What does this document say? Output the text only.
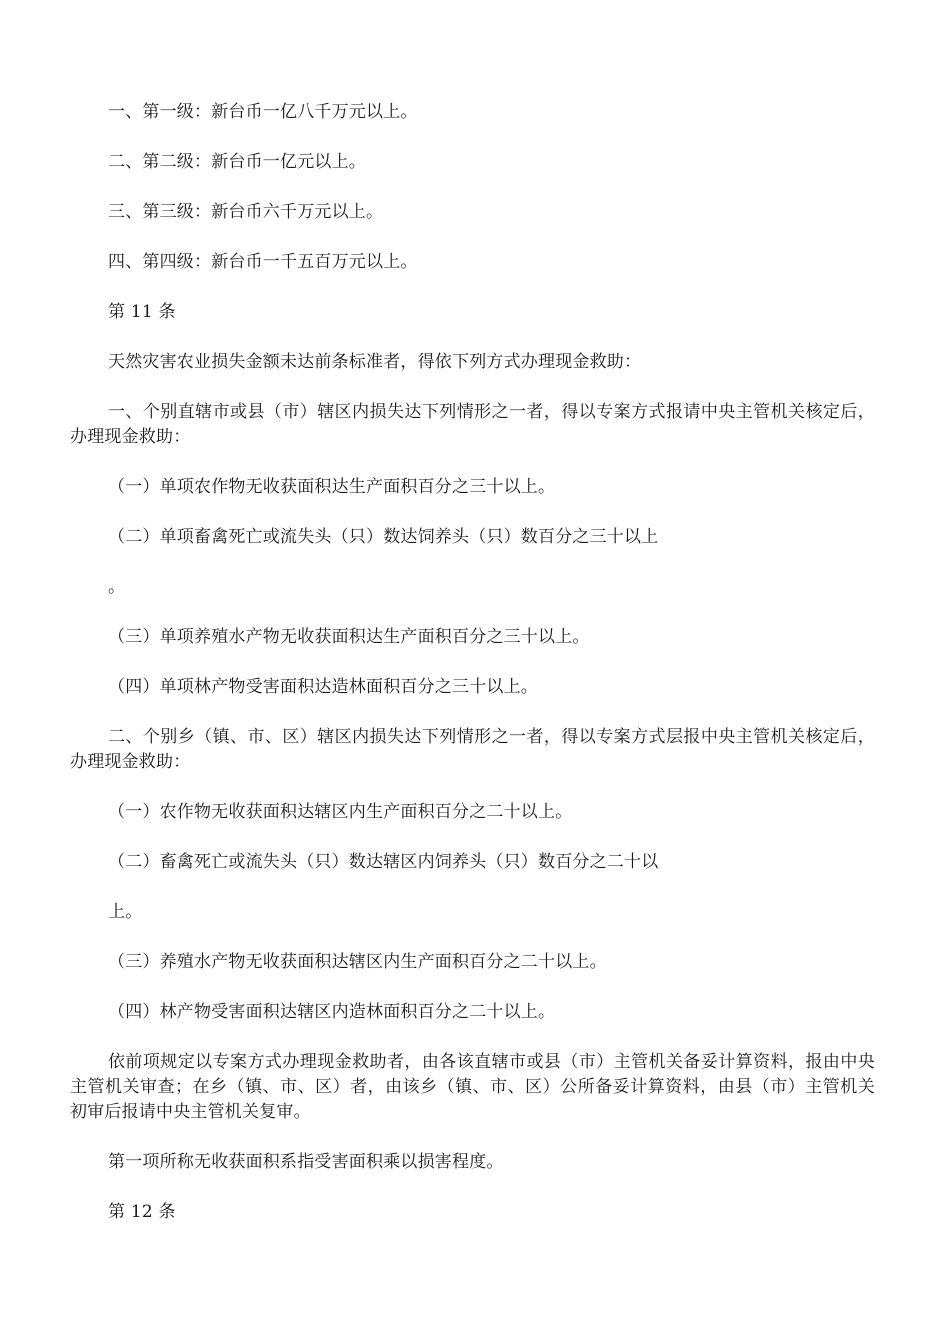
一、第一级：新台币一亿八千万元以上。

二、第二级：新台币一亿元以上。

三、第三级：新台币六千万元以上。

四、第四级：新台币一千五百万元以上。

第 11 条

天然灾害农业损失金额未达前条标准者，得依下列方式办理现金救助：

一、个别直辖市或县（市）辖区内损失达下列情形之一者，得以专案方式报请中央主管机关核定后，办理现金救助：

（一）单项农作物无收获面积达生产面积百分之三十以上。

（二）单项畜禽死亡或流失头（只）数达饲养头（只）数百分之三十以上

。

（三）单项养殖水产物无收获面积达生产面积百分之三十以上。

（四）单项林产物受害面积达造林面积百分之三十以上。

二、个别乡（镇、市、区）辖区内损失达下列情形之一者，得以专案方式层报中央主管机关核定后，办理现金救助：

（一）农作物无收获面积达辖区内生产面积百分之二十以上。

（二）畜禽死亡或流失头（只）数达辖区内饲养头（只）数百分之二十以

上。

（三）养殖水产物无收获面积达辖区内生产面积百分之二十以上。

（四）林产物受害面积达辖区内造林面积百分之二十以上。

依前项规定以专案方式办理现金救助者，由各该直辖市或县（市）主管机关备妥计算资料，报由中央主管机关审查；在乡（镇、市、区）者，由该乡（镇、市、区）公所备妥计算资料，由县（市）主管机关初审后报请中央主管机关复审。

第一项所称无收获面积系指受害面积乘以损害程度。

第 12 条
